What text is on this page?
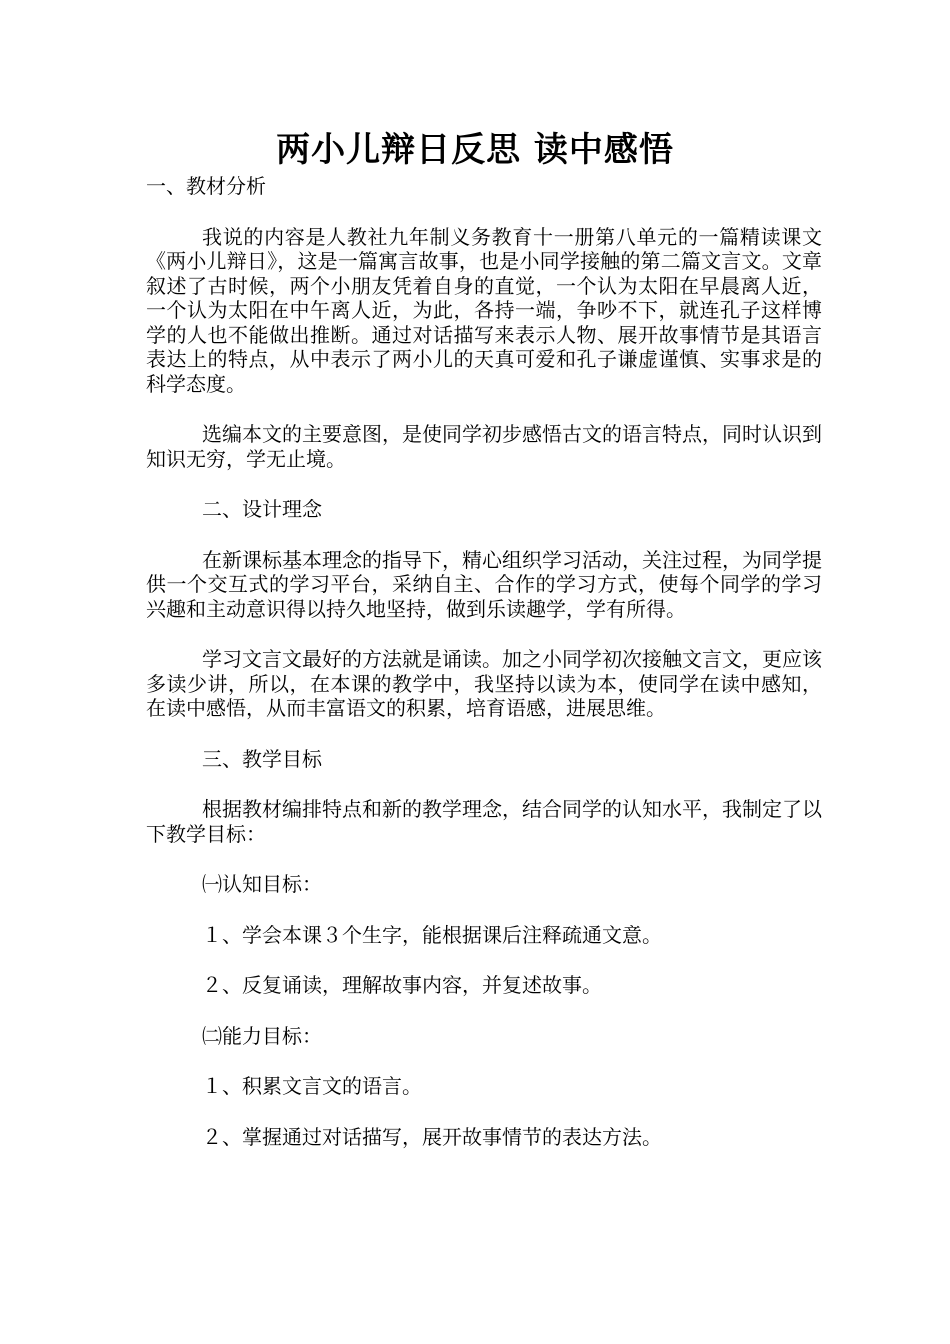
两小儿辩日反思 读中感悟
一、教材分析
我说的内容是人教社九年制义务教育十一册第八单元的一篇精读课文《两小儿辩日》，这是一篇寓言故事，也是小同学接触的第二篇文言文。文章叙述了古时候，两个小朋友凭着自身的直觉，一个认为太阳在早晨离人近，一个认为太阳在中午离人近，为此，各持一端，争吵不下，就连孔子这样博学的人也不能做出推断。通过对话描写来表示人物、展开故事情节是其语言表达上的特点，从中表示了两小儿的天真可爱和孔子谦虚谨慎、实事求是的科学态度。
选编本文的主要意图，是使同学初步感悟古文的语言特点，同时认识到知识无穷，学无止境。
二、设计理念
在新课标基本理念的指导下，精心组织学习活动，关注过程，为同学提供一个交互式的学习平台，采纳自主、合作的学习方式，使每个同学的学习兴趣和主动意识得以持久地坚持，做到乐读趣学，学有所得。
学习文言文最好的方法就是诵读。加之小同学初次接触文言文，更应该多读少讲，所以，在本课的教学中，我坚持以读为本，使同学在读中感知，在读中感悟，从而丰富语文的积累，培育语感，进展思维。
三、教学目标
根据教材编排特点和新的教学理念，结合同学的认知水平，我制定了以下教学目标：
㈠认知目标：
１、学会本课３个生字，能根据课后注释疏通文意。
２、反复诵读，理解故事内容，并复述故事。
㈡能力目标：
１、积累文言文的语言。
２、掌握通过对话描写，展开故事情节的表达方法。
